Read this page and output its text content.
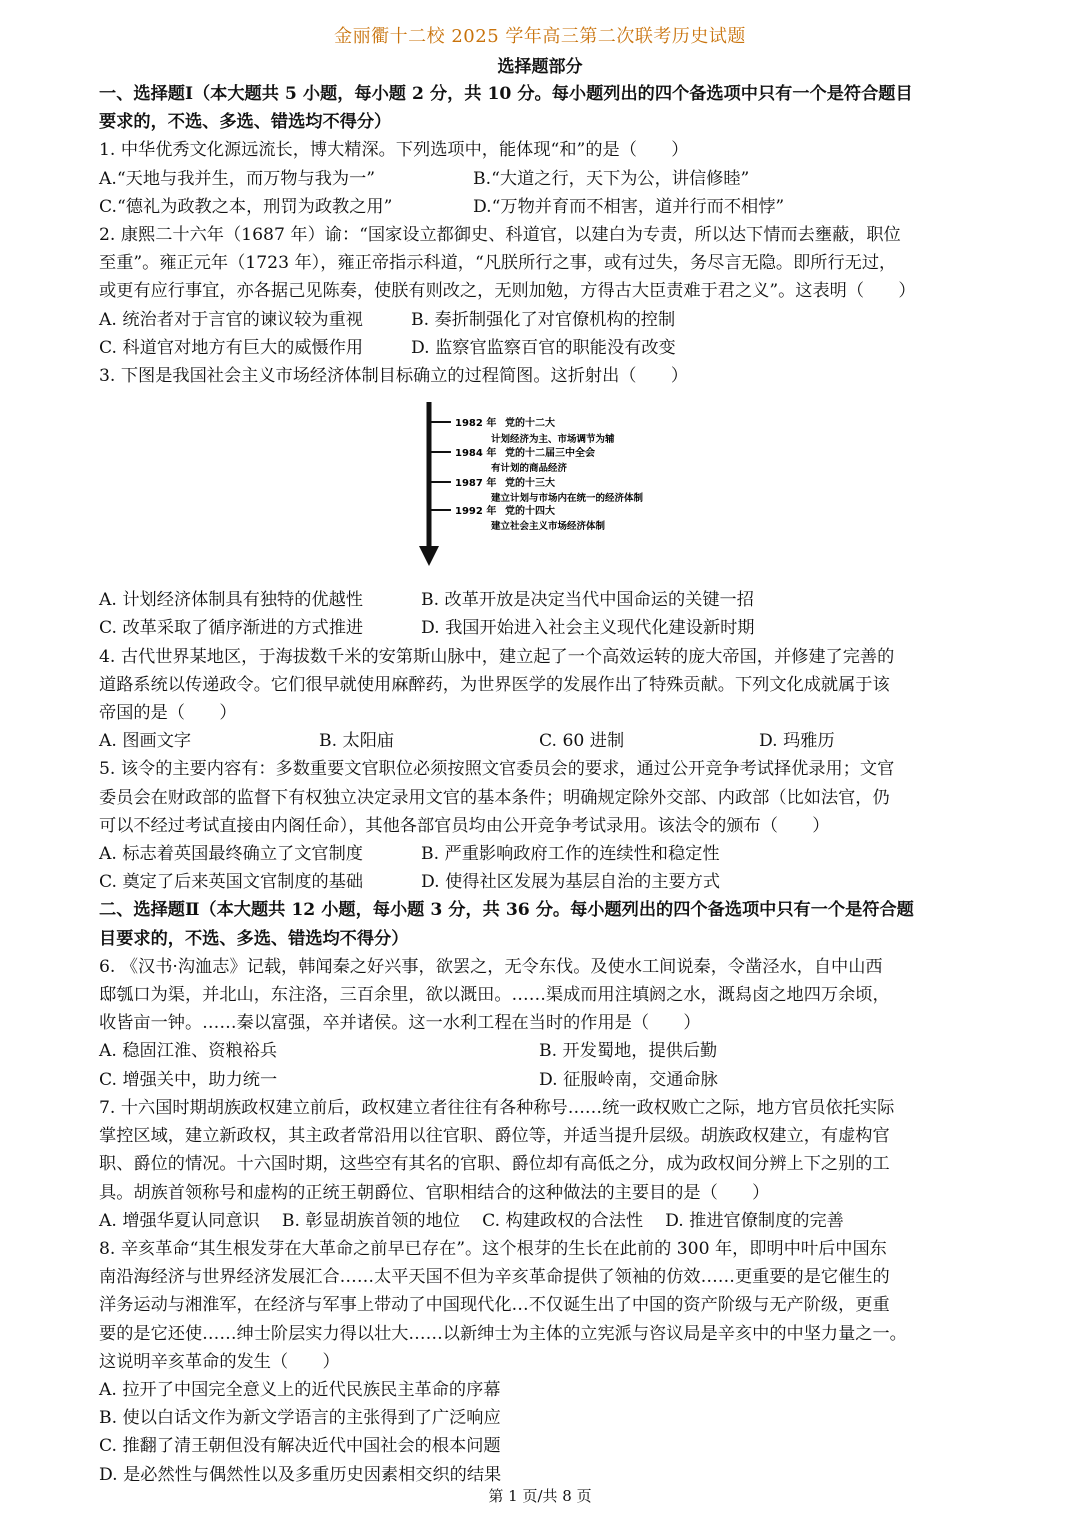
金丽衢十二校 2025 学年高三第二次联考历史试题
选择题部分
一、选择题Ⅰ（本大题共 5 小题，每小题 2 分，共 10 分。每小题列出的四个备选项中只有一个是符合题目
要求的，不选、多选、错选均不得分）
1. 中华优秀文化源远流长，博大精深。下列选项中，能体现“和”的是（　　）
A.“天地与我并生，而万物与我为一”	B.“大道之行，天下为公，讲信修睦”
C.“德礼为政教之本，刑罚为政教之用”	D.“万物并育而不相害，道并行而不相悖”
2. 康熙二十六年（1687 年）谕：“国家设立都御史、科道官，以建白为专责，所以达下情而去壅蔽，职位
至重”。雍正元年（1723 年），雍正帝指示科道，“凡朕所行之事，或有过失，务尽言无隐。即所行无过，
或更有应行事宜，亦各据己见陈奏，使朕有则改之，无则加勉，方得古大臣责难于君之义”。这表明（　　）
A. 统治者对于言官的谏议较为重视	B. 奏折制强化了对官僚机构的控制
C. 科道官对地方有巨大的威慑作用	D. 监察官监察百官的职能没有改变
3. 下图是我国社会主义市场经济体制目标确立的过程简图。这折射出（　　）
1982 年 党的十二大
计划经济为主、市场调节为辅
1984 年 党的十二届三中全会
有计划的商品经济
1987 年 党的十三大
建立计划与市场内在统一的经济体制
1992 年 党的十四大
建立社会主义市场经济体制
A. 计划经济体制具有独特的优越性	B. 改革开放是决定当代中国命运的关键一招
C. 改革采取了循序渐进的方式推进	D. 我国开始进入社会主义现代化建设新时期
4. 古代世界某地区，于海拔数千米的安第斯山脉中，建立起了一个高效运转的庞大帝国，并修建了完善的
道路系统以传递政令。它们很早就使用麻醉药，为世界医学的发展作出了特殊贡献。下列文化成就属于该
帝国的是（　　）
A. 图画文字	B. 太阳庙	C. 60 进制	D. 玛雅历
5. 该令的主要内容有：多数重要文官职位必须按照文官委员会的要求，通过公开竞争考试择优录用；文官
委员会在财政部的监督下有权独立决定录用文官的基本条件；明确规定除外交部、内政部（比如法官，仍
可以不经过考试直接由内阁任命），其他各部官员均由公开竞争考试录用。该法令的颁布（　　）
A. 标志着英国最终确立了文官制度	B. 严重影响政府工作的连续性和稳定性
C. 奠定了后来英国文官制度的基础	D. 使得社区发展为基层自治的主要方式
二、选择题Ⅱ（本大题共 12 小题，每小题 3 分，共 36 分。每小题列出的四个备选项中只有一个是符合题
目要求的，不选、多选、错选均不得分）
6. 《汉书·沟洫志》记载，韩闻秦之好兴事，欲罢之，无令东伐。及使水工间说秦，令凿泾水，自中山西
邸瓠口为渠，并北山，东注洛，三百余里，欲以溉田。……渠成而用注填阏之水，溉舄卤之地四万余顷，
收皆亩一钟。……秦以富强，卒并诸侯。这一水利工程在当时的作用是（　　）
A. 稳固江淮、资粮裕兵	B. 开发蜀地，提供后勤
C. 增强关中，助力统一	D. 征服岭南，交通命脉
7. 十六国时期胡族政权建立前后，政权建立者往往有各种称号……统一政权败亡之际，地方官员依托实际
掌控区域，建立新政权，其主政者常沿用以往官职、爵位等，并适当提升层级。胡族政权建立，有虚构官
职、爵位的情况。十六国时期，这些空有其名的官职、爵位却有高低之分，成为政权间分辨上下之别的工
具。胡族首领称号和虚构的正统王朝爵位、官职相结合的这种做法的主要目的是（　　）
A. 增强华夏认同意识 B. 彰显胡族首领的地位 C. 构建政权的合法性 D. 推进官僚制度的完善
8. 辛亥革命“其生根发芽在大革命之前早已存在”。这个根芽的生长在此前的 300 年，即明中叶后中国东
南沿海经济与世界经济发展汇合……太平天国不但为辛亥革命提供了领袖的仿效……更重要的是它催生的
洋务运动与湘淮军，在经济与军事上带动了中国现代化…不仅诞生出了中国的资产阶级与无产阶级，更重
要的是它还使……绅士阶层实力得以壮大……以新绅士为主体的立宪派与咨议局是辛亥中的中坚力量之一。
这说明辛亥革命的发生（　　）
A. 拉开了中国完全意义上的近代民族民主革命的序幕
B. 使以白话文作为新文学语言的主张得到了广泛响应
C. 推翻了清王朝但没有解决近代中国社会的根本问题
D. 是必然性与偶然性以及多重历史因素相交织的结果
第 1 页/共 8 页
